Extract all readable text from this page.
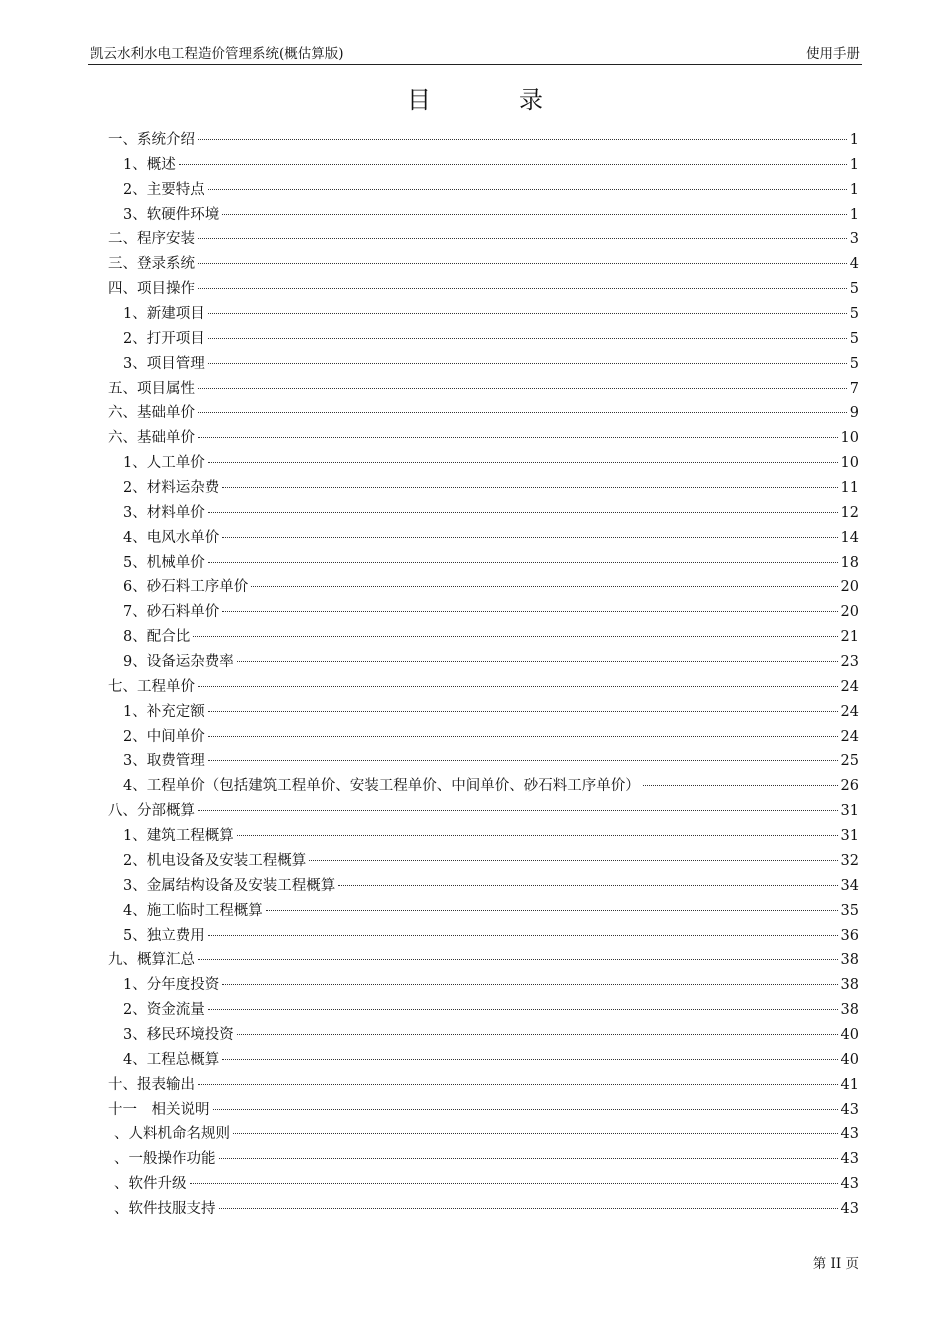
凯云水利水电工程造价管理系统(概估算版)	使用手册
目	录
一、系统介绍	1
1、概述	1
2、主要特点	1
3、软硬件环境	1
二、程序安装	3
三、登录系统	4
四、项目操作	5
1、新建项目	5
2、打开项目	5
3、项目管理	5
五、项目属性	7
六、基础单价	9
六、基础单价	10
1、人工单价	10
2、材料运杂费	11
3、材料单价	12
4、电风水单价	14
5、机械单价	18
6、砂石料工序单价	20
7、砂石料单价	20
8、配合比	21
9、设备运杂费率	23
七、工程单价	24
1、补充定额	24
2、中间单价	24
3、取费管理	25
4、工程单价（包括建筑工程单价、安装工程单价、中间单价、砂石料工序单价）	26
八、分部概算	31
1、建筑工程概算	31
2、机电设备及安装工程概算	32
3、金属结构设备及安装工程概算	34
4、施工临时工程概算	35
5、独立费用	36
九、概算汇总	38
1、分年度投资	38
2、资金流量	38
3、移民环境投资	40
4、工程总概算	40
十、报表输出	41
十一　相关说明	43
、人料机命名规则	43
、一般操作功能	43
、软件升级	43
、软件技服支持	43
第 II 页
